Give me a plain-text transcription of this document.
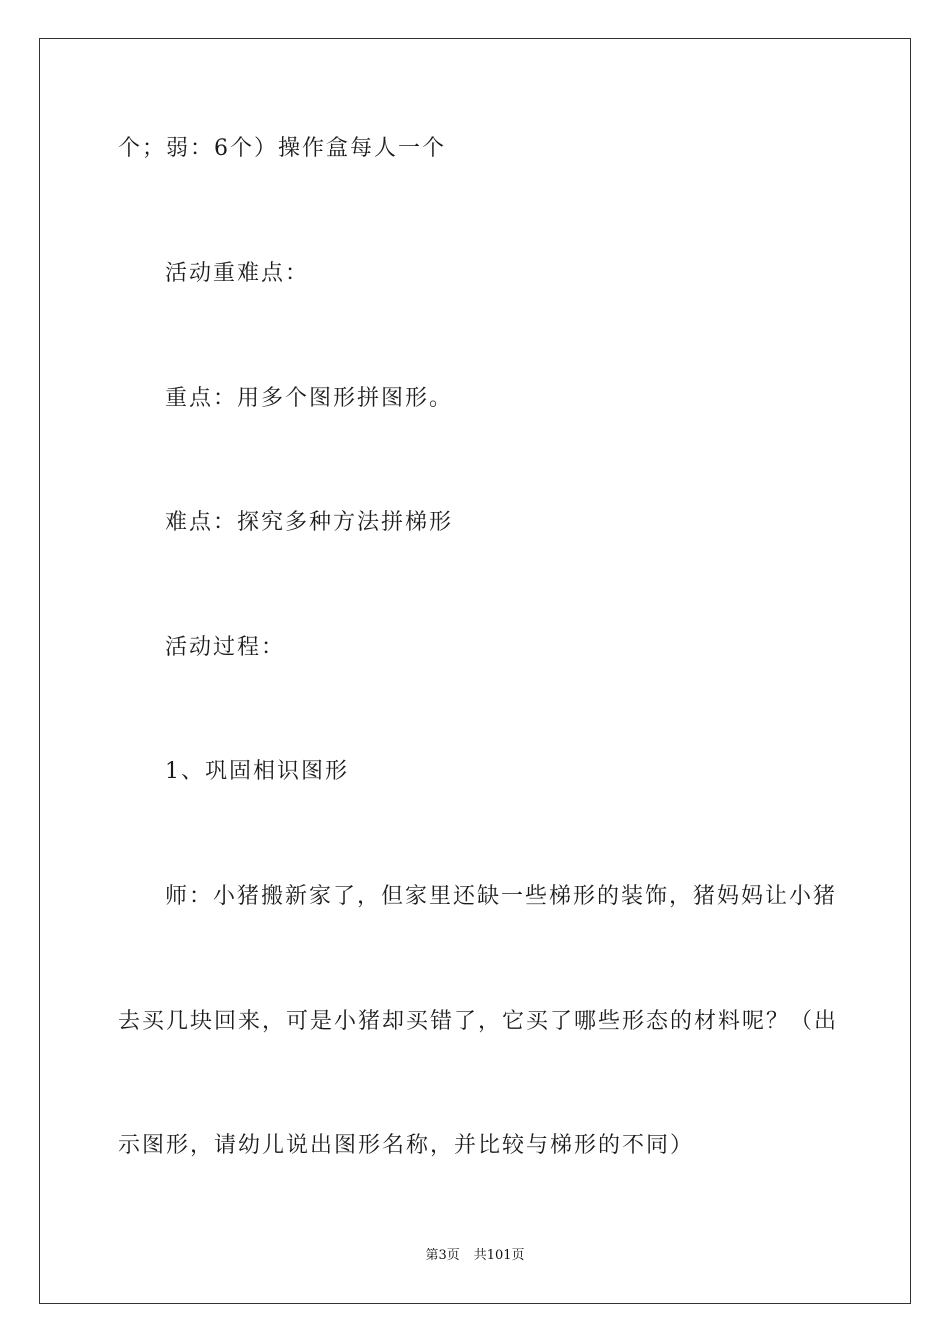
个；弱：6个）操作盒每人一个
活动重难点：
重点：用多个图形拼图形。
难点：探究多种方法拼梯形
活动过程：
1、巩固相识图形
师：小猪搬新家了，但家里还缺一些梯形的装饰，猪妈妈让小猪
去买几块回来，可是小猪却买错了，它买了哪些形态的材料呢？（出
示图形，请幼儿说出图形名称，并比较与梯形的不同）
第3页 共101页
